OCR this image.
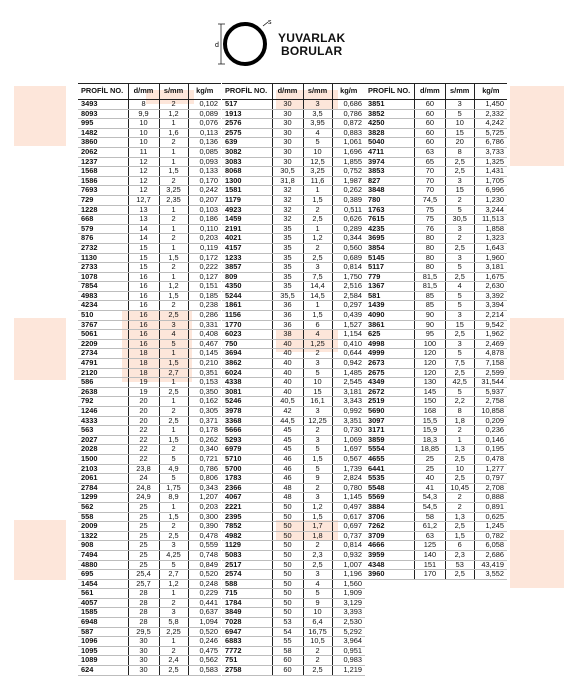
d
s
YUVARLAK
BORULAR
PROFİL NO.	d/mm	s/mm	kg/m
3493	8	2	0,102
8093	9,9	1,2	0,089
995	10	1	0,076
1482	10	1,6	0,113
3860	10	2	0,136
2062	11	1	0,085
1237	12	1	0,093
1568	12	1,5	0,133
1586	12	2	0,170
7693	12	3,25	0,242
729	12,7	2,35	0,207
1228	13	1	0,103
668	13	2	0,186
579	14	1	0,110
876	14	2	0,203
2732	15	1	0,119
1130	15	1,5	0,172
2733	15	2	0,222
1078	16	1	0,127
7854	16	1,2	0,151
4983	16	1,5	0,185
4234	16	2	0,238
510	16	2,5	0,286
3767	16	3	0,331
5061	16	4	0,408
2209	16	5	0,467
2734	18	1	0,145
4791	18	1,5	0,210
2120	18	2,7	0,351
586	19	1	0,153
2638	19	2,5	0,350
792	20	1	0,162
1246	20	2	0,305
4333	20	2,5	0,371
563	22	1	0,178
2027	22	1,5	0,262
2028	22	2	0,340
1500	22	5	0,721
2103	23,8	4,9	0,786
2061	24	5	0,806
2784	24,8	1,75	0,343
1299	24,9	8,9	1,207
562	25	1	0,203
558	25	1,5	0,300
2009	25	2	0,390
1322	25	2,5	0,478
908	25	3	0,559
7494	25	4,25	0,748
4880	25	5	0,849
695	25,4	2,7	0,520
1454	25,7	1,2	0,248
561	28	1	0,229
4057	28	2	0,441
1585	28	3	0,637
6948	28	5,8	1,094
587	29,5	2,25	0,520
1096	30	1	0,246
1095	30	2	0,475
1089	30	2,4	0,562
624	30	2,5	0,583
PROFİL NO.	d/mm	s/mm	kg/m
517	30	3	0,686
1913	30	3,5	0,786
2576	30	3,95	0,872
2575	30	4	0,883
639	30	5	1,061
3082	30	10	1,696
3083	30	12,5	1,855
8068	30,5	3,25	0,752
1300	31,8	11,6	1,987
1581	32	1	0,262
1179	32	1,5	0,389
4923	32	2	0,511
1459	32	2,5	0,626
2191	35	1	0,289
4021	35	1,2	0,344
4157	35	2	0,560
1233	35	2,5	0,689
3857	35	3	0,814
809	35	7,5	1,750
4350	35	14,4	2,516
5244	35,5	14,5	2,584
1861	36	1	0,297
1156	36	1,5	0,439
1770	36	6	1,527
6023	38	4	1,154
750	40	1,25	0,410
3694	40	2	0,644
3862	40	3	0,942
6024	40	5	1,485
4338	40	10	2,545
3081	40	15	3,181
5246	40,5	16,1	3,343
3978	42	3	0,992
3368	44,5	12,25	3,351
5666	45	2	0,730
5293	45	3	1,069
6979	45	5	1,697
5710	46	1,5	0,567
5700	46	5	1,739
1783	46	9	2,824
2366	48	2	0,780
4067	48	3	1,145
2221	50	1,2	0,497
2395	50	1,5	0,617
7852	50	1,7	0,697
4982	50	1,8	0,737
1129	50	2	0,814
5083	50	2,3	0,932
2517	50	2,5	1,007
2574	50	3	1,196
588	50	4	1,560
715	50	5	1,909
1784	50	9	3,129
3849	50	10	3,393
7028	53	6,4	2,530
6947	54	16,75	5,292
6883	55	10,5	3,964
7772	58	2	0,951
751	60	2	0,983
2758	60	2,5	1,219
PROFİL NO.	d/mm	s/mm	kg/m
3851	60	3	1,450
3852	60	5	2,332
4250	60	10	4,242
3828	60	15	5,725
5040	60	20	6,786
4711	63	8	3,733
3974	65	2,5	1,325
3853	70	2,5	1,431
827	70	3	1,705
3848	70	15	6,996
780	74,5	2	1,230
1763	75	5	3,244
7615	75	30,5	11,513
4235	76	3	1,858
3695	80	2	1,323
3854	80	2,5	1,643
5145	80	3	1,960
5117	80	5	3,181
779	81,5	2,5	1,675
1367	81,5	4	2,630
581	85	5	3,392
1439	85	5	3,394
4090	90	3	2,214
3861	90	15	9,542
625	95	2,5	1,962
4998	100	3	2,469
4999	120	5	4,878
2673	120	7,5	7,158
2675	120	2,5	2,599
4349	130	42,5	31,544
2672	145	5	5,937
2519	150	2,2	2,758
5690	168	8	10,858
3097	15,5	1,8	0,209
3171	15,9	2	0,236
3859	18,3	1	0,146
5554	18,85	1,3	0,195
4655	25	2,5	0,478
6441	25	10	1,277
5535	40	2,5	0,797
5548	41	10,45	2,708
5569	54,3	2	0,888
3884	54,5	2	0,891
3706	58	1,3	0,625
7262	61,2	2,5	1,245
3709	63	1,5	0,782
4666	125	6	6,058
3959	140	2,3	2,686
4348	151	53	43,419
3960	170	2,5	3,552
